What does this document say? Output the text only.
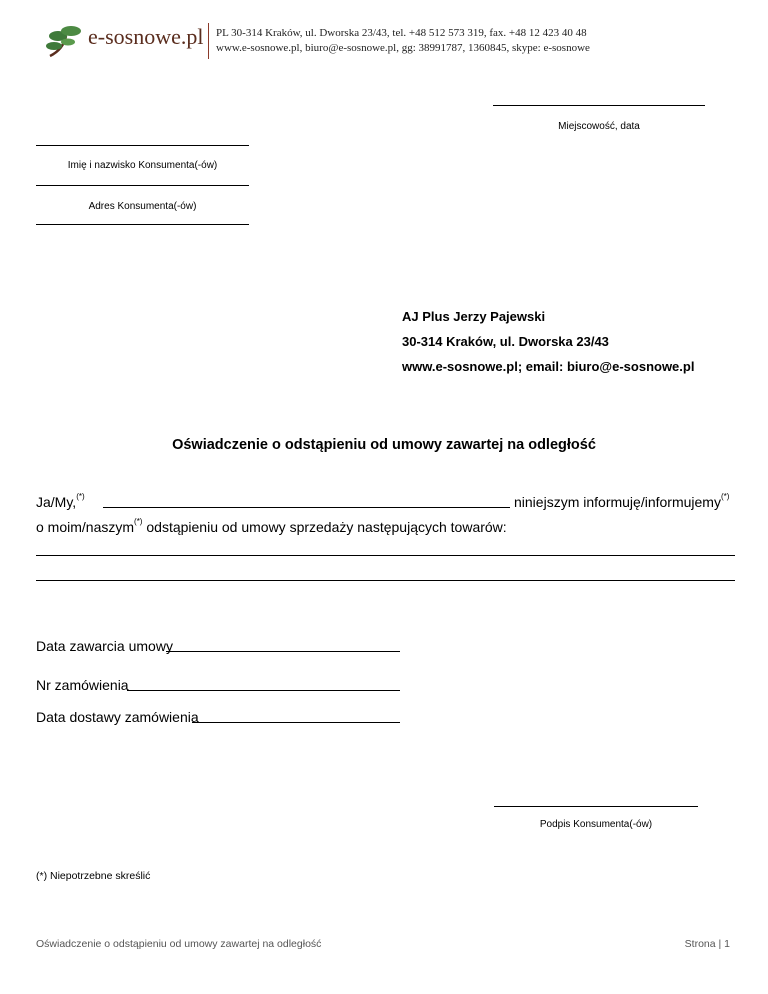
e-sosnowe.pl PL 30-314 Kraków, ul. Dworska 23/43, tel. +48 512 573 319, fax. +48 12 423 40 48
www.e-sosnowe.pl, biuro@e-sosnowe.pl, gg: 38991787, 1360845, skype: e-sosnowe
Miejscowość, data
Imię i nazwisko Konsumenta(-ów)
Adres Konsumenta(-ów)
AJ Plus Jerzy Pajewski
30-314 Kraków, ul. Dworska 23/43
www.e-sosnowe.pl; email: biuro@e-sosnowe.pl
Oświadczenie o odstąpieniu od umowy zawartej na odległość
Ja/My,(*)	niniejszym informuję/informujemy(*)
o moim/naszym(*) odstąpieniu od umowy sprzedaży następujących towarów:
Data zawarcia umowy
Nr zamówienia
Data dostawy zamówienia
Podpis Konsumenta(-ów)
(*) Niepotrzebne skreślić
Oświadczenie o odstąpieniu od umowy zawartej na odległość	Strona | 1
